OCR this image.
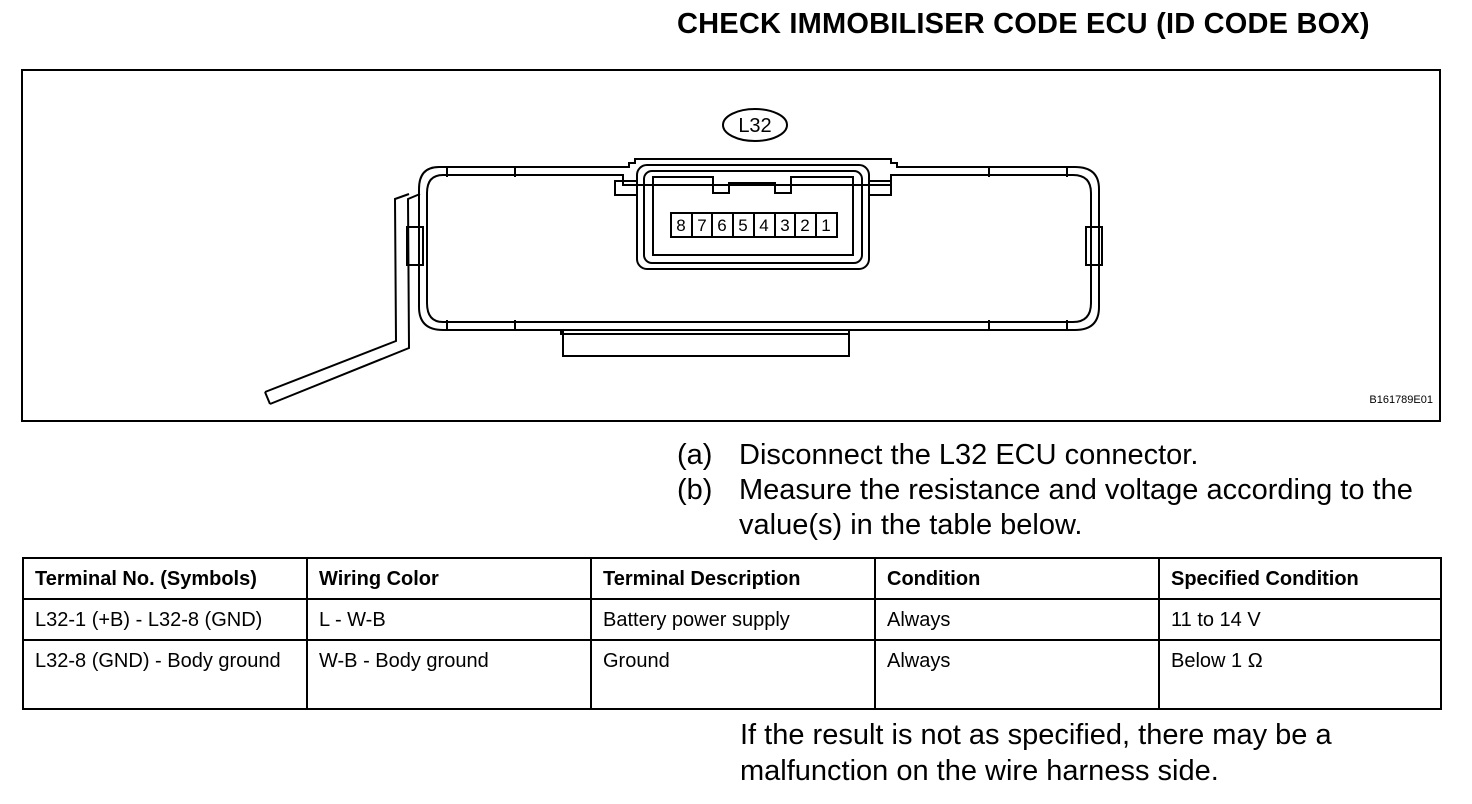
CHECK IMMOBILISER CODE ECU (ID CODE BOX)
L32
8 7 6 5 4 3 2 1
B161789E01
(a) Disconnect the L32 ECU connector.
(b) Measure the resistance and voltage according to the value(s) in the table below.
Terminal No. (Symbols)	Wiring Color	Terminal Description	Condition	Specified Condition
L32-1 (+B) - L32-8 (GND)	L - W-B	Battery power supply	Always	11 to 14 V
L32-8 (GND) - Body ground	W-B - Body ground	Ground	Always	Below 1 Ω
If the result is not as specified, there may be a malfunction on the wire harness side.
